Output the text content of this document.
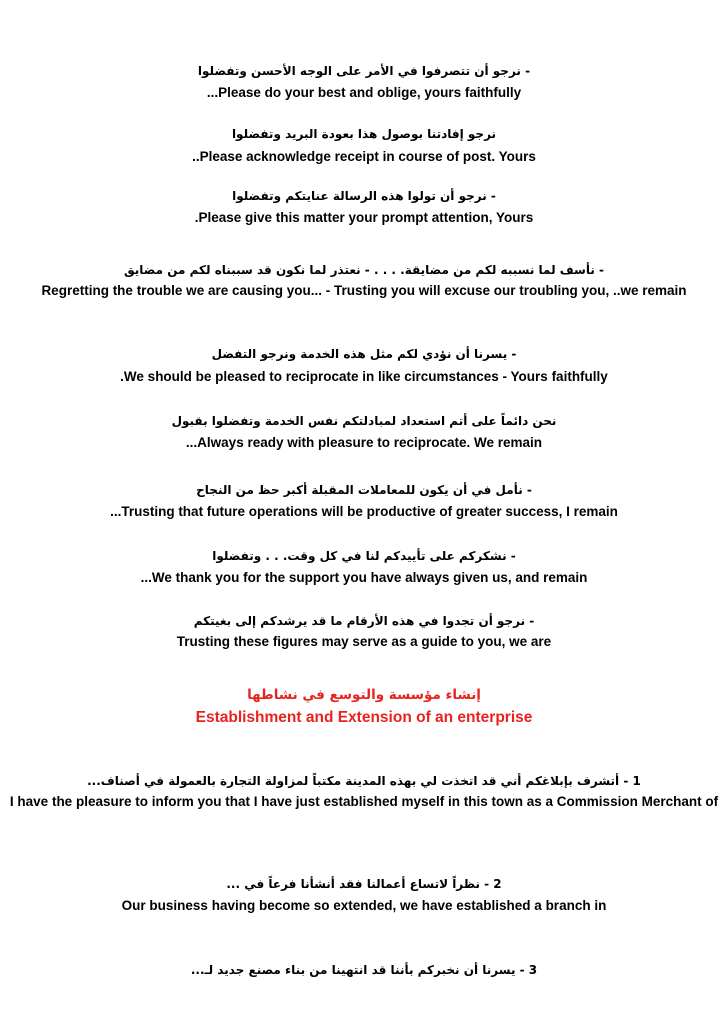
- نرجو أن تتصرفوا في الأمر على الوجه الأحسن وتفضلوا

...Please do your best and oblige, yours faithfully

نرجو إفادتنا بوصول هذا بعودة البريد وتفضلوا

..Please acknowledge receipt in course of post. Yours

- نرجو أن تولوا هذه الرسالة عنايتكم وتفضلوا

.Please give this matter your prompt attention, Yours

- نأسف لما نسببه لكم من مضايقة. . . . - نعتذر لما نكون قد سببناه لكم من مضايق

Regretting the trouble we are causing you... - Trusting you will excuse our troubling you, ..we remain

- يسرنا أن نؤدي لكم مثل هذه الخدمة ونرجو التفضل

.We should be pleased to reciprocate in like circumstances - Yours faithfully

نحن دائماً على أتم استعداد لمبادلتكم نفس الخدمة وتفضلوا بقبول

...Always ready with pleasure to reciprocate. We remain

- نأمل في أن يكون للمعاملات المقبلة أكبر حظ من النجاح

...Trusting that future operations will be productive of greater success, I remain

- نشكركم على تأييدكم لنا في كل وقت. . . وتفضلوا

...We thank you for the support you have always given us, and remain

- نرجو أن تجدوا في هذه الأرقام ما قد يرشدكم إلى بغيتكم

Trusting these figures may serve as a guide to you, we are

إنشاء مؤسسة والتوسع في نشاطها

Establishment and Extension of an enterprise

1 - أتشرف بإبلاغكم أني قد اتخذت لي بهذه المدينة مكتباً لمزاولة التجارة بالعمولة في أصناف...

I have the pleasure to inform you that I have just established myself in this town as a Commission Merchant of

2 - نظراً لاتساع أعمالنا فقد أنشأنا فرعاً في ...

Our business having become so extended, we have established a branch in

3 - يسرنا أن نخبركم بأننا قد انتهينا من بناء مصنع جديد لـ...
